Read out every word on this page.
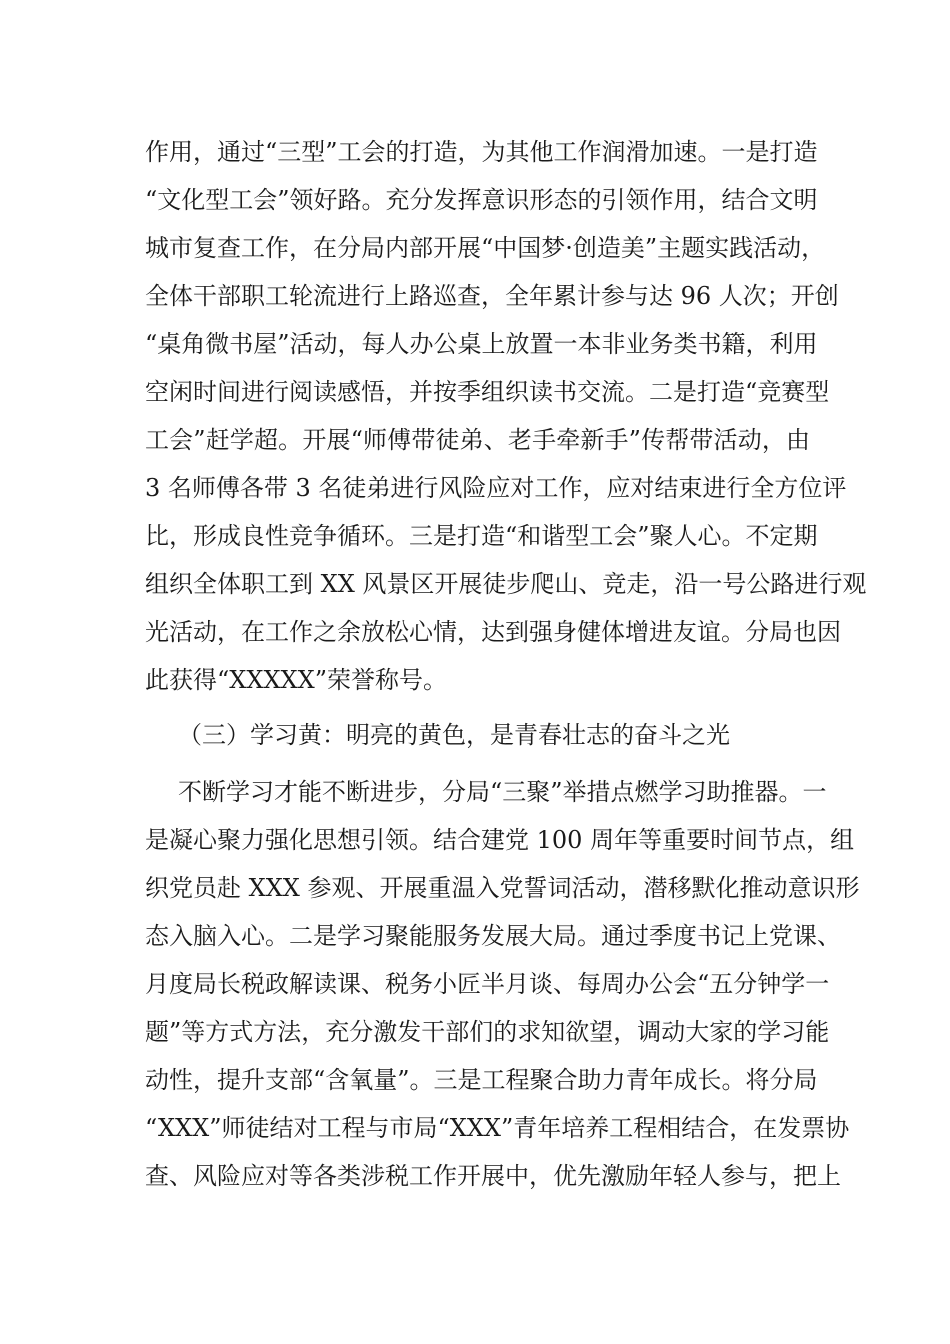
作用，通过“三型”工会的打造，为其他工作润滑加速。一是打造
“文化型工会”领好路。充分发挥意识形态的引领作用，结合文明
城市复查工作，在分局内部开展“中国梦·创造美”主题实践活动，
全体干部职工轮流进行上路巡查，全年累计参与达 96 人次；开创
“桌角微书屋”活动，每人办公桌上放置一本非业务类书籍，利用
空闲时间进行阅读感悟，并按季组织读书交流。二是打造“竞赛型
工会”赶学超。开展“师傅带徒弟、老手牵新手”传帮带活动，由
3 名师傅各带 3 名徒弟进行风险应对工作，应对结束进行全方位评
比，形成良性竞争循环。三是打造“和谐型工会”聚人心。不定期
组织全体职工到 XX 风景区开展徒步爬山、竞走，沿一号公路进行观
光活动，在工作之余放松心情，达到强身健体增进友谊。分局也因
此获得“XXXXX”荣誉称号。
（三）学习黄：明亮的黄色，是青春壮志的奋斗之光
不断学习才能不断进步，分局“三聚”举措点燃学习助推器。一
是凝心聚力强化思想引领。结合建党 100 周年等重要时间节点，组
织党员赴 XXX 参观、开展重温入党誓词活动，潜移默化推动意识形
态入脑入心。二是学习聚能服务发展大局。通过季度书记上党课、
月度局长税政解读课、税务小匠半月谈、每周办公会“五分钟学一
题”等方式方法，充分激发干部们的求知欲望，调动大家的学习能
动性，提升支部“含氧量”。三是工程聚合助力青年成长。将分局
“XXX”师徒结对工程与市局“XXX”青年培养工程相结合，在发票协
查、风险应对等各类涉税工作开展中，优先激励年轻人参与，把上
